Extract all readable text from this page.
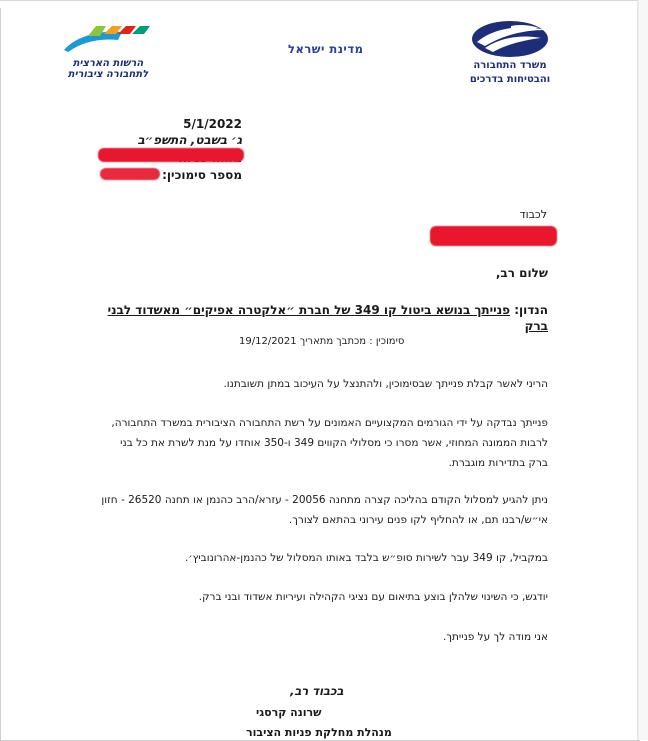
משרד התחבורה
והבטיחות בדרכים
מדינת ישראל
הרשות הארצית
לתחבורה ציבורית
5/1/2022
ג׳ בשבט, התשפ״ב
מספר סימוכין:
לכבוד
שלום רב,
הנדון: פנייתך בנושא ביטול קו 349 של חברת ״אלקטרה אפיקים״ מאשדוד לבני ברק
סימוכין : מכתבך מתאריך 19/12/2021
הריני לאשר קבלת פנייתך שבסימוכין, ולהתנצל על העיכוב במתן תשובתנו.
פנייתך נבדקה על ידי הגורמים המקצועיים האמונים על רשת התחבורה הציבורית במשרד התחבורה, לרבות הממונה המחוזי, אשר מסרו כי מסלולי הקווים 349 ו-350 אוחדו על מנת לשרת את כל בני ברק בתדירות מוגברת.
ניתן להגיע למסלול הקודם בהליכה קצרה מתחנה 20056 - עזרא/הרב כהנמן או תחנה 26520 - חזון אי״ש/רבנו תם, או להחליף לקו פנים עירוני בהתאם לצורך.
במקביל, קו 349 עבר לשירות סופ״ש בלבד באותו המסלול של כהנמן-אהרונוביץ׳.
יודגש, כי השינוי שלהלן בוצע בתיאום עם נציגי הקהילה ועיריות אשדוד ובני ברק.
אני מודה לך על פנייתך.
בכבוד רב,
שרונה קרסגי
מנהלת מחלקת פניות הציבור
